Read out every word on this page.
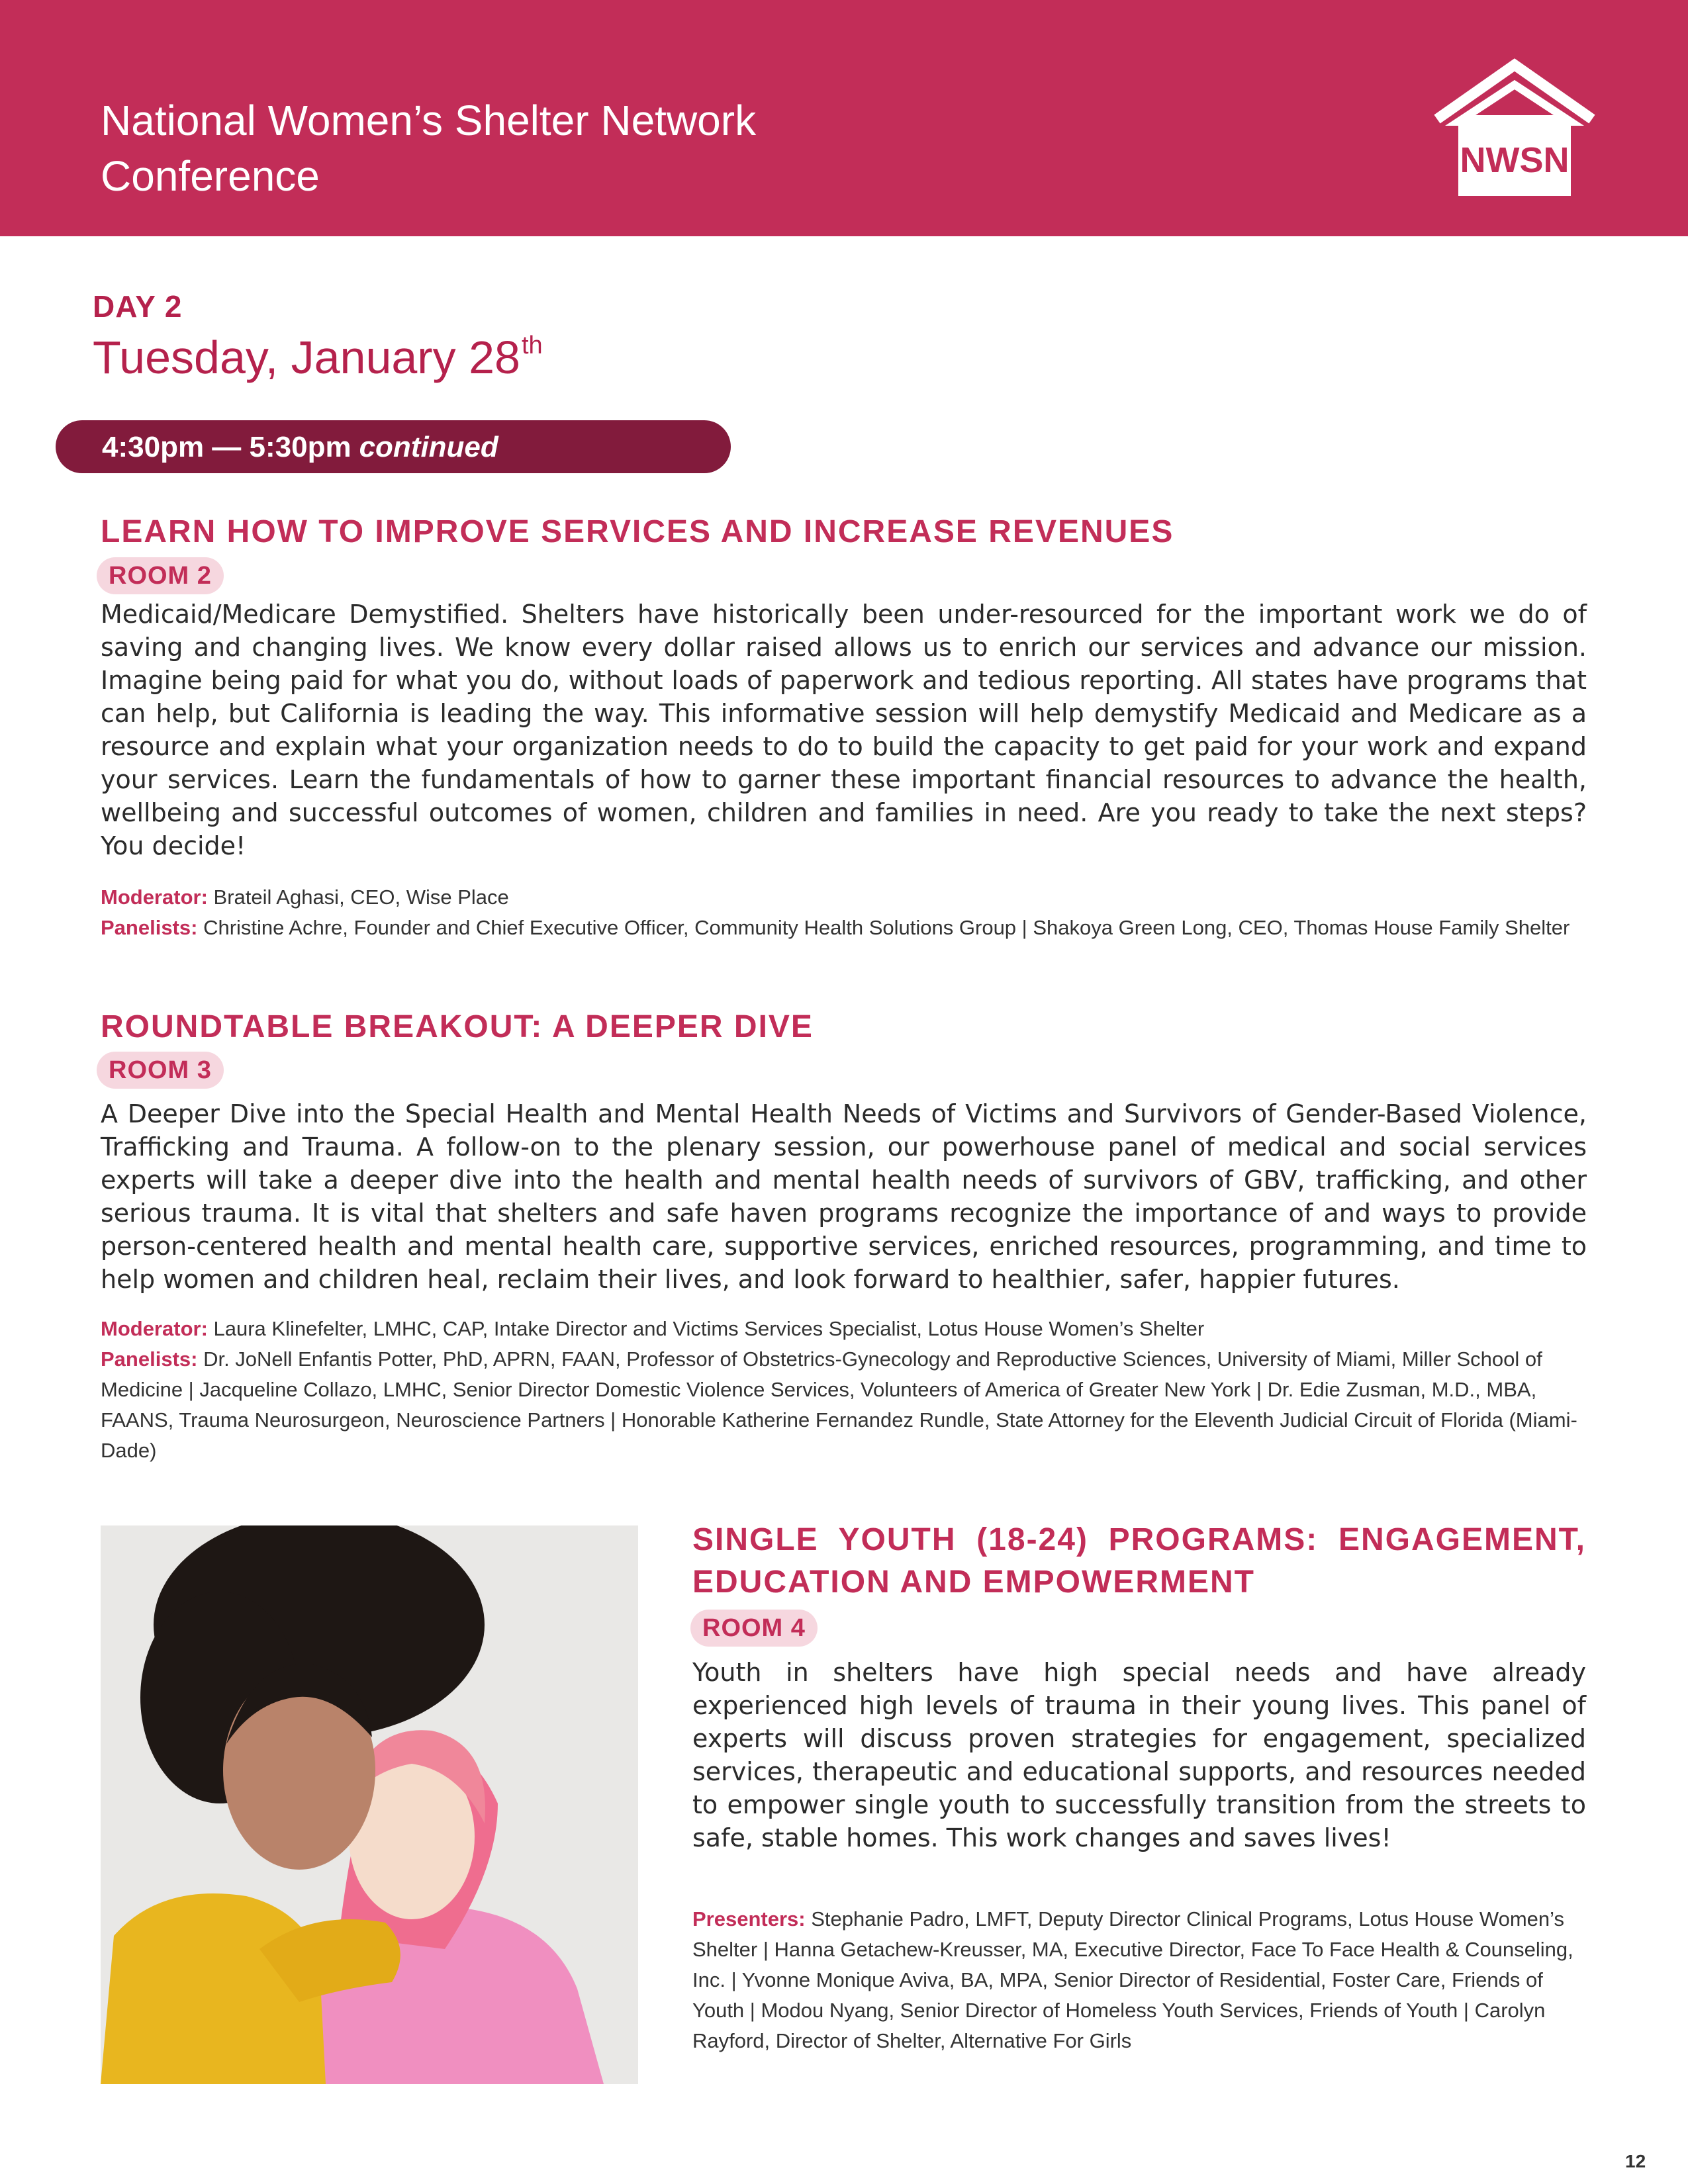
National Women’s Shelter Network
Conference	NWSN
DAY 2
Tuesday, January 28th
4:30pm — 5:30pm continued
LEARN HOW TO IMPROVE SERVICES AND INCREASE REVENUES
ROOM 2

Medicaid/Medicare Demystified. Shelters have historically been under-resourced for the important work we do of saving and changing lives. We know every dollar raised allows us to enrich our services and advance our mission. Imagine being paid for what you do, without loads of paperwork and tedious reporting. All states have programs that can help, but California is leading the way. This informative session will help demystify Medicaid and Medicare as a resource and explain what your organization needs to do to build the capacity to get paid for your work and expand your services. Learn the fundamentals of how to garner these important financial resources to advance the health, wellbeing and successful outcomes of women, children and families in need. Are you ready to take the next steps? You decide!

Moderator: Brateil Aghasi, CEO, Wise Place

Panelists: Christine Achre, Founder and Chief Executive Officer, Community Health Solutions Group | Shakoya Green Long, CEO, Thomas House Family Shelter

ROUNDTABLE BREAKOUT: A DEEPER DIVE
ROOM 3

A Deeper Dive into the Special Health and Mental Health Needs of Victims and Survivors of Gender-Based Violence, Trafficking and Trauma. A follow-on to the plenary session, our powerhouse panel of medical and social services experts will take a deeper dive into the health and mental health needs of survivors of GBV, trafficking, and other serious trauma. It is vital that shelters and safe haven programs recognize the importance of and ways to provide person-centered health and mental health care, supportive services, enriched resources, programming, and time to help women and children heal, reclaim their lives, and look forward to healthier, safer, happier futures.

Moderator: Laura Klinefelter, LMHC, CAP, Intake Director and Victims Services Specialist, Lotus House Women’s Shelter

Panelists: Dr. JoNell Enfantis Potter, PhD, APRN, FAAN, Professor of Obstetrics-Gynecology and Reproductive Sciences, University of Miami, Miller School of Medicine | Jacqueline Collazo, LMHC, Senior Director Domestic Violence Services, Volunteers of America of Greater New York | Dr. Edie Zusman, M.D., MBA, FAANS, Trauma Neurosurgeon, Neuroscience Partners | Honorable Katherine Fernandez Rundle, State Attorney for the Eleventh Judicial Circuit of Florida (Miami-Dade)

SINGLE YOUTH (18-24) PROGRAMS: ENGAGEMENT, EDUCATION AND EMPOWERMENT
ROOM 4

Youth in shelters have high special needs and have already experienced high levels of trauma in their young lives. This panel of experts will discuss proven strategies for engagement, specialized services, therapeutic and educational supports, and resources needed to empower single youth to successfully transition from the streets to safe, stable homes. This work changes and saves lives!

Presenters: Stephanie Padro, LMFT, Deputy Director Clinical Programs, Lotus House Women’s Shelter | Hanna Getachew-Kreusser, MA, Executive Director, Face To Face Health & Counseling, Inc. | Yvonne Monique Aviva, BA, MPA, Senior Director of Residential, Foster Care, Friends of Youth | Modou Nyang, Senior Director of Homeless Youth Services, Friends of Youth | Carolyn Rayford, Director of Shelter, Alternative For Girls

12
